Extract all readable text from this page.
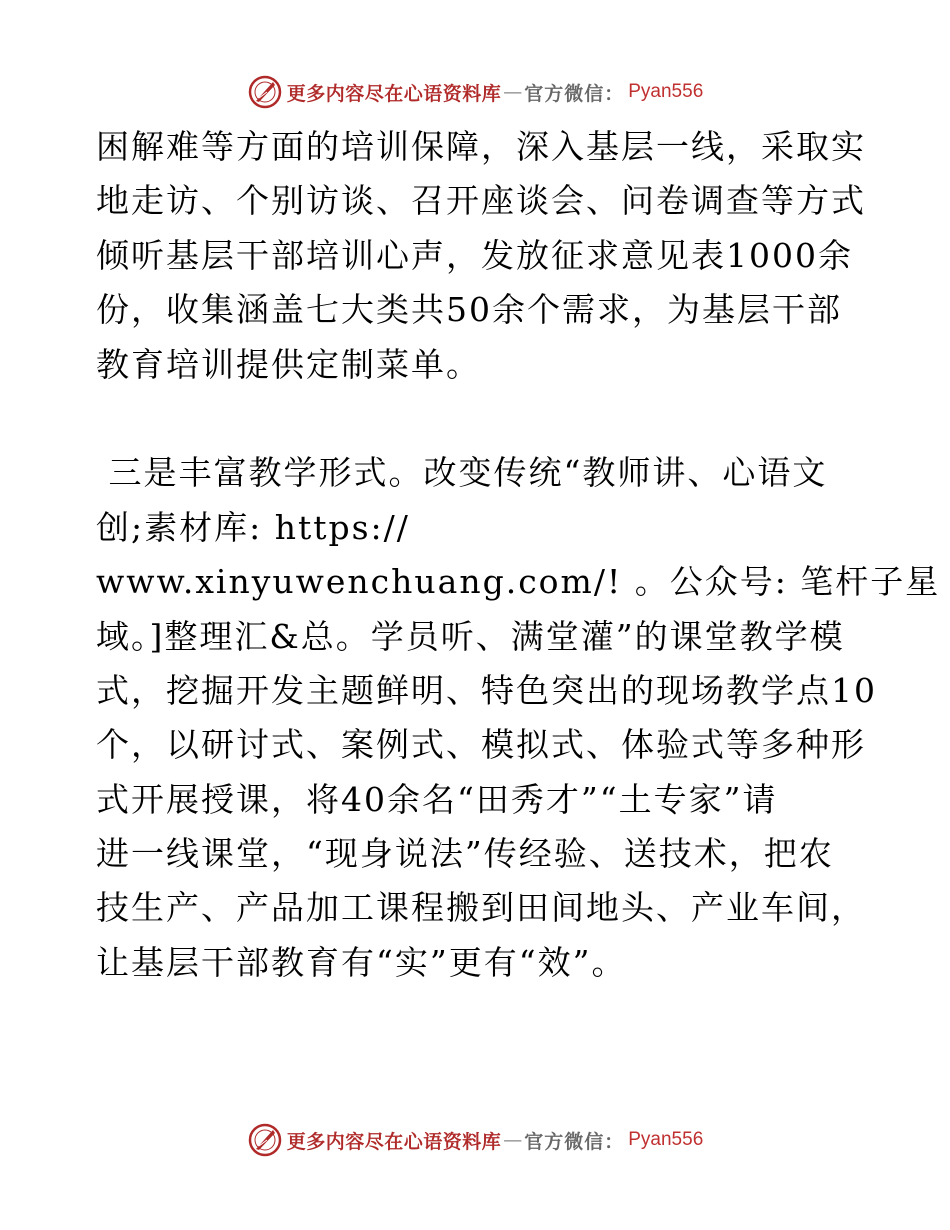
更多内容尽在心语资料库 — 官方微信： Pyan556
困解难等方面的培训保障，深入基层一线，采取实
地走访、个别访谈、召开座谈会、问卷调查等方式
倾听基层干部培训心声，发放征求意见表1000余
份，收集涵盖七大类共50余个需求，为基层干部
教育培训提供定制菜单。
三是丰富教学形式。改变传统“教师讲、心语文
创;素材库: https://
www.xinyuwenchuang.com/! 。公众号: 笔杆子星
域。]整理汇&总。学员听、满堂灌”的课堂教学模
式，挖掘开发主题鲜明、特色突出的现场教学点10
个，以研讨式、案例式、模拟式、体验式等多种形
式开展授课，将40余名“田秀才”“土专家”请
进一线课堂，“现身说法”传经验、送技术，把农
技生产、产品加工课程搬到田间地头、产业车间，
让基层干部教育有“实”更有“效”。
更多内容尽在心语资料库 — 官方微信： Pyan556
